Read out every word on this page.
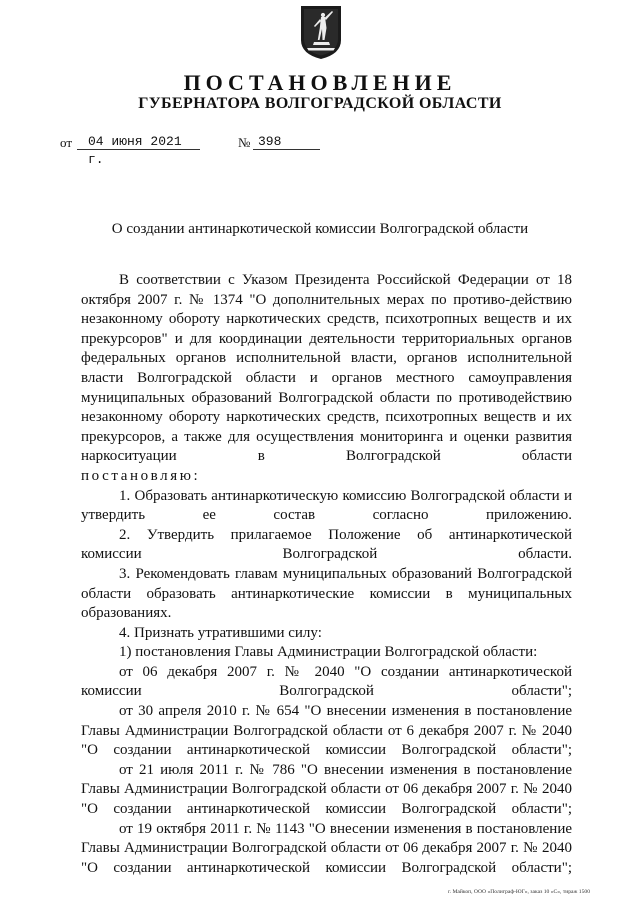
ПОСТАНОВЛЕНИЕ
ГУБЕРНАТОРА ВОЛГОГРАДСКОЙ ОБЛАСТИ
от 04 июня 2021 г.
№ 398
О создании антинаркотической комиссии Волгоградской области

В соответствии с Указом Президента Российской Федерации от 18 октября 2007 г. № 1374 "О дополнительных мерах по противо-действию незаконному обороту наркотических средств, психотропных веществ и их прекурсоров" и для координации деятельности территориальных органов федеральных органов исполнительной власти, органов исполнительной власти Волгоградской области и органов местного самоуправления муниципальных образований Волгоградской области по противодействию незаконному обороту наркотических средств, психотропных веществ и их прекурсоров, а также для осуществления мониторинга и оценки развития наркоситуации в Волгоградской области

постановляю:

1. Образовать антинаркотическую комиссию Волгоградской области и утвердить ее состав согласно приложению.

2. Утвердить прилагаемое Положение об антинаркотической комиссии Волгоградской области.

3. Рекомендовать главам муниципальных образований Волгоградской области образовать антинаркотические комиссии в муниципальных образованиях.

4. Признать утратившими силу:

1) постановления Главы Администрации Волгоградской области:

от 06 декабря 2007 г. № 2040 "О создании антинаркотической комиссии Волгоградской области";

от 30 апреля 2010 г. № 654 "О внесении изменения в постановление Главы Администрации Волгоградской области от 6 декабря 2007 г. № 2040 "О создании антинаркотической комиссии Волгоградской области";

от 21 июля 2011 г. № 786 "О внесении изменения в постановление Главы Администрации Волгоградской области от 06 декабря 2007 г. № 2040 "О создании антинаркотической комиссии Волгоградской области";

от 19 октября 2011 г. № 1143 "О внесении изменения в постановление Главы Администрации Волгоградской области от 06 декабря 2007 г. № 2040 "О создании антинаркотической комиссии Волгоградской области";

г. Майкоп, ООО «Полиграф-ЮГ», заказ 10 «С», тираж 1500
